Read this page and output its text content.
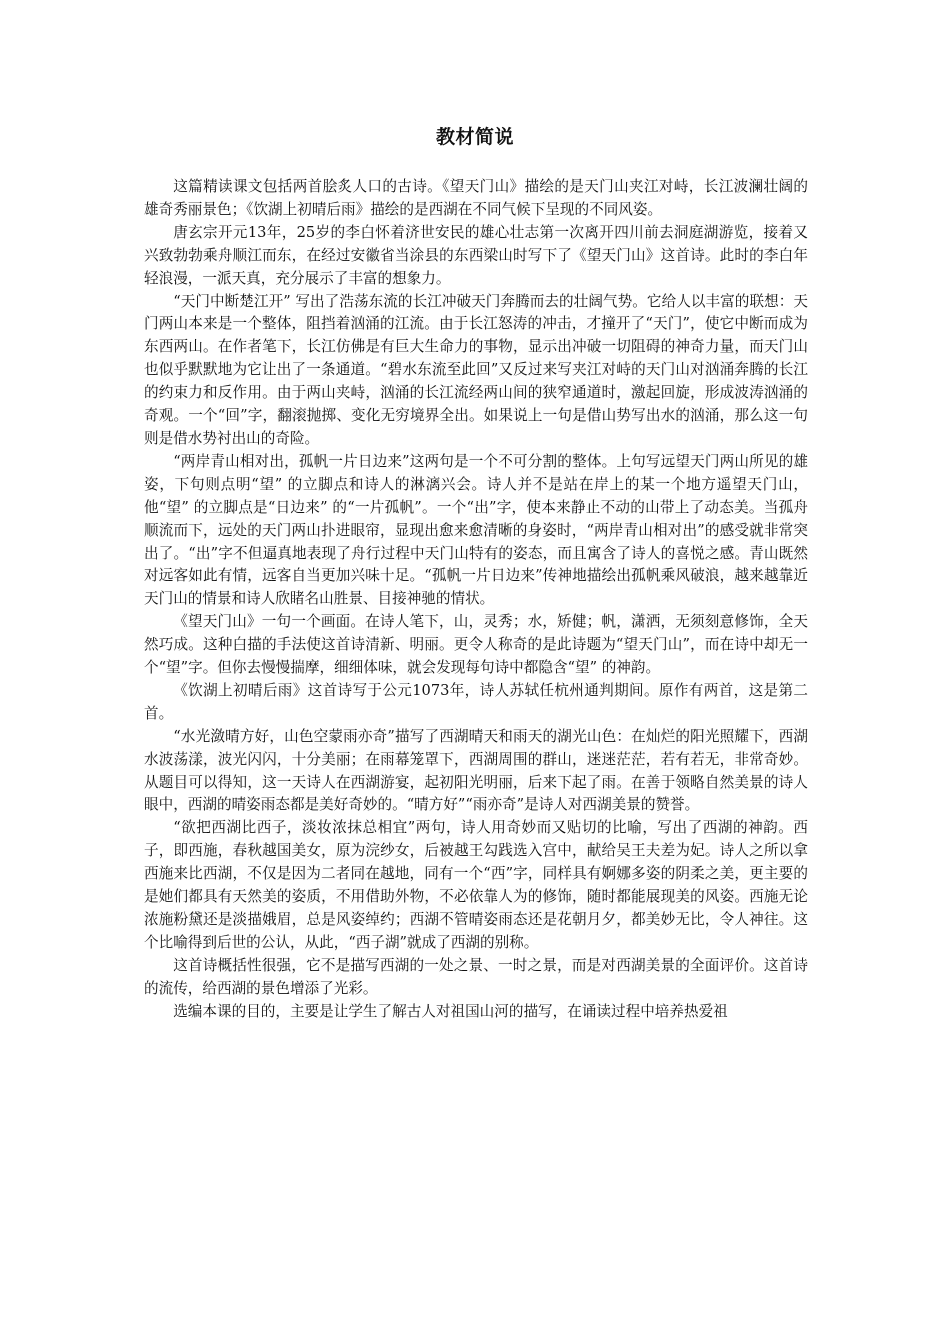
教材简说

这篇精读课文包括两首脍炙人口的古诗。《望天门山》描绘的是天门山夹江对峙，长江波澜壮阔的雄奇秀丽景色；《饮湖上初晴后雨》描绘的是西湖在不同气候下呈现的不同风姿。

唐玄宗开元13年，25岁的李白怀着济世安民的雄心壮志第一次离开四川前去洞庭湖游览，接着又兴致勃勃乘舟顺江而东，在经过安徽省当涂县的东西梁山时写下了《望天门山》这首诗。此时的李白年轻浪漫，一派天真，充分展示了丰富的想象力。

“天门中断楚江开” 写出了浩荡东流的长江冲破天门奔腾而去的壮阔气势。它给人以丰富的联想：天门两山本来是一个整体，阻挡着汹涌的江流。由于长江怒涛的冲击，才撞开了“天门”，使它中断而成为东西两山。在作者笔下，长江仿佛是有巨大生命力的事物，显示出冲破一切阻碍的神奇力量，而天门山也似乎默默地为它让出了一条通道。“碧水东流至此回”又反过来写夹江对峙的天门山对汹涌奔腾的长江的约束力和反作用。由于两山夹峙，汹涌的长江流经两山间的狭窄通道时，激起回旋，形成波涛汹涌的奇观。一个“回”字，翻滚抛掷、变化无穷境界全出。如果说上一句是借山势写出水的汹涌，那么这一句则是借水势衬出山的奇险。

“两岸青山相对出，孤帆一片日边来”这两句是一个不可分割的整体。上句写远望天门两山所见的雄姿，下句则点明“望” 的立脚点和诗人的淋漓兴会。诗人并不是站在岸上的某一个地方遥望天门山，他“望” 的立脚点是“日边来” 的“一片孤帆”。一个“出”字，使本来静止不动的山带上了动态美。当孤舟顺流而下，远处的天门两山扑进眼帘，显现出愈来愈清晰的身姿时，“两岸青山相对出”的感受就非常突出了。“出”字不但逼真地表现了舟行过程中天门山特有的姿态，而且寓含了诗人的喜悦之感。青山既然对远客如此有情，远客自当更加兴味十足。“孤帆一片日边来”传神地描绘出孤帆乘风破浪，越来越靠近天门山的情景和诗人欣睹名山胜景、目接神驰的情状。

《望天门山》一句一个画面。在诗人笔下，山，灵秀；水，矫健；帆，潇洒，无须刻意修饰，全天然巧成。这种白描的手法使这首诗清新、明丽。更令人称奇的是此诗题为“望天门山”，而在诗中却无一个“望”字。但你去慢慢揣摩，细细体味，就会发现每句诗中都隐含“望” 的神韵。

《饮湖上初晴后雨》这首诗写于公元1073年，诗人苏轼任杭州通判期间。原作有两首，这是第二首。

“水光潋晴方好，山色空蒙雨亦奇”描写了西湖晴天和雨天的湖光山色：在灿烂的阳光照耀下，西湖水波荡漾，波光闪闪，十分美丽；在雨幕笼罩下，西湖周围的群山，迷迷茫茫，若有若无，非常奇妙。从题目可以得知，这一天诗人在西湖游宴，起初阳光明丽，后来下起了雨。在善于领略自然美景的诗人眼中，西湖的晴姿雨态都是美好奇妙的。“晴方好”“雨亦奇”是诗人对西湖美景的赞誉。

“欲把西湖比西子，淡妆浓抹总相宜”两句，诗人用奇妙而又贴切的比喻，写出了西湖的神韵。西子，即西施，春秋越国美女，原为浣纱女，后被越王勾践选入宫中，献给吴王夫差为妃。诗人之所以拿西施来比西湖，不仅是因为二者同在越地，同有一个“西”字，同样具有婀娜多姿的阴柔之美，更主要的是她们都具有天然美的姿质，不用借助外物，不必依靠人为的修饰，随时都能展现美的风姿。西施无论浓施粉黛还是淡描娥眉，总是风姿绰约；西湖不管晴姿雨态还是花朝月夕，都美妙无比，令人神往。这个比喻得到后世的公认，从此，“西子湖”就成了西湖的别称。

这首诗概括性很强，它不是描写西湖的一处之景、一时之景，而是对西湖美景的全面评价。这首诗的流传，给西湖的景色增添了光彩。

选编本课的目的，主要是让学生了解古人对祖国山河的描写，在诵读过程中培养热爱祖
